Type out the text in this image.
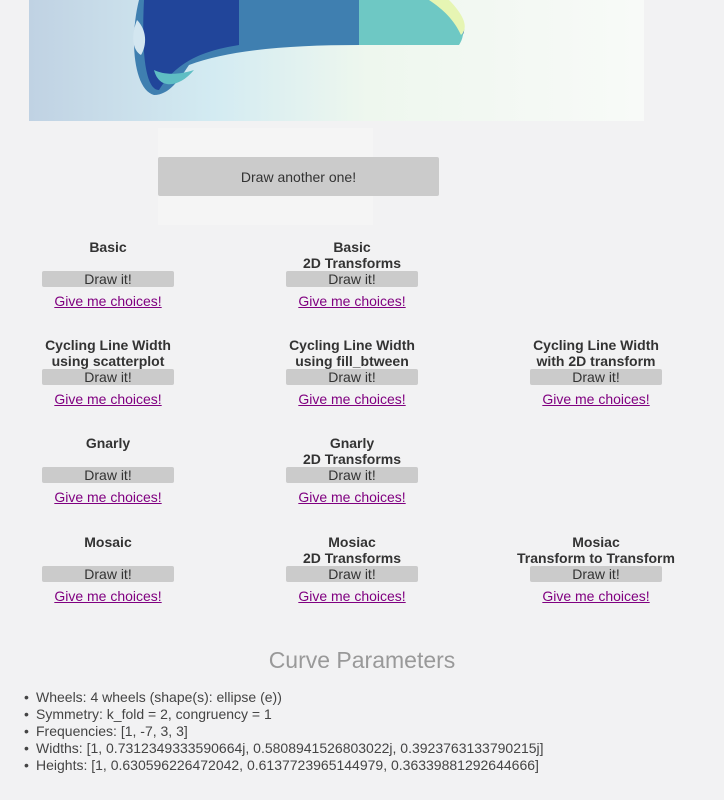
Draw another one!
Basic

Draw it!
Give me choices!
Basic
2D Transforms
Draw it!
Give me choices!
Cycling Line Width
using scatterplot
Draw it!
Give me choices!
Cycling Line Width
using fill_btween
Draw it!
Give me choices!
Cycling Line Width
with 2D transform
Draw it!
Give me choices!
Gnarly

Draw it!
Give me choices!
Gnarly
2D Transforms
Draw it!
Give me choices!
Mosaic

Draw it!
Give me choices!
Mosiac
2D Transforms
Draw it!
Give me choices!
Mosiac
Transform to Transform
Draw it!
Give me choices!
Curve Parameters
• Wheels: 4 wheels (shape(s): ellipse (e))
• Symmetry: k_fold = 2, congruency = 1
• Frequencies: [1, -7, 3, 3]
• Widths: [1, 0.7312349333590664j, 0.5808941526803022j, 0.3923763133790215j]
• Heights: [1, 0.630596226472042, 0.6137723965144979, 0.36339881292644666]
